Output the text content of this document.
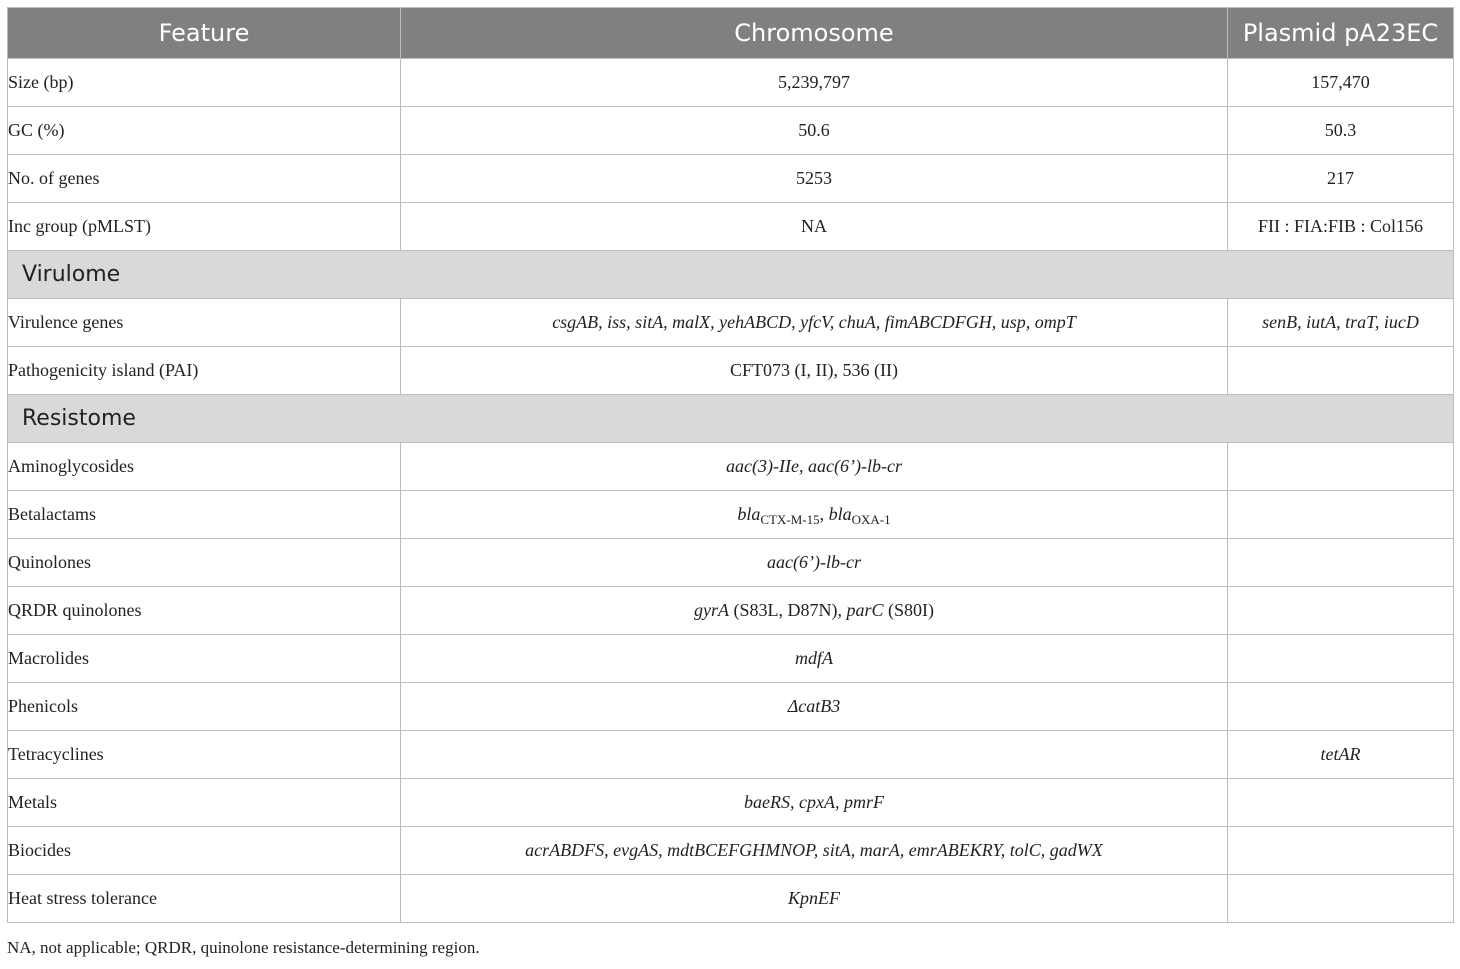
Feature	Chromosome	Plasmid pA23EC
Size (bp)	5,239,797	157,470
GC (%)	50.6	50.3
No. of genes	5253	217
Inc group (pMLST)	NA	FII : FIA:FIB : Col156
Virulome		
Virulence genes	csgAB, iss, sitA, malX, yehABCD, yfcV, chuA, fimABCDFGH, usp, ompT	senB, iutA, traT, iucD
Pathogenicity island (PAI)	CFT073 (I, II), 536 (II)	
Resistome		
Aminoglycosides	aac(3)-IIe, aac(6’)-lb-cr	
Betalactams	bla$_{CTX-M-15}$, bla$_{OXA-1}$	
Quinolones	aac(6’)-lb-cr	
QRDR quinolones	gyrA (S83L, D87N), parC (S80I)	
Macrolides	mdfA	
Phenicols	ΔcatB3	
Tetracyclines		tetAR
Metals	baeRS, cpxA, pmrF	
Biocides	acrABDFS, evgAS, mdtBCEFGHMNOP, sitA, marA, emrABEKRY, tolC, gadWX	
Heat stress tolerance	KpnEF	
NA, not applicable; QRDR, quinolone resistance-determining region.
